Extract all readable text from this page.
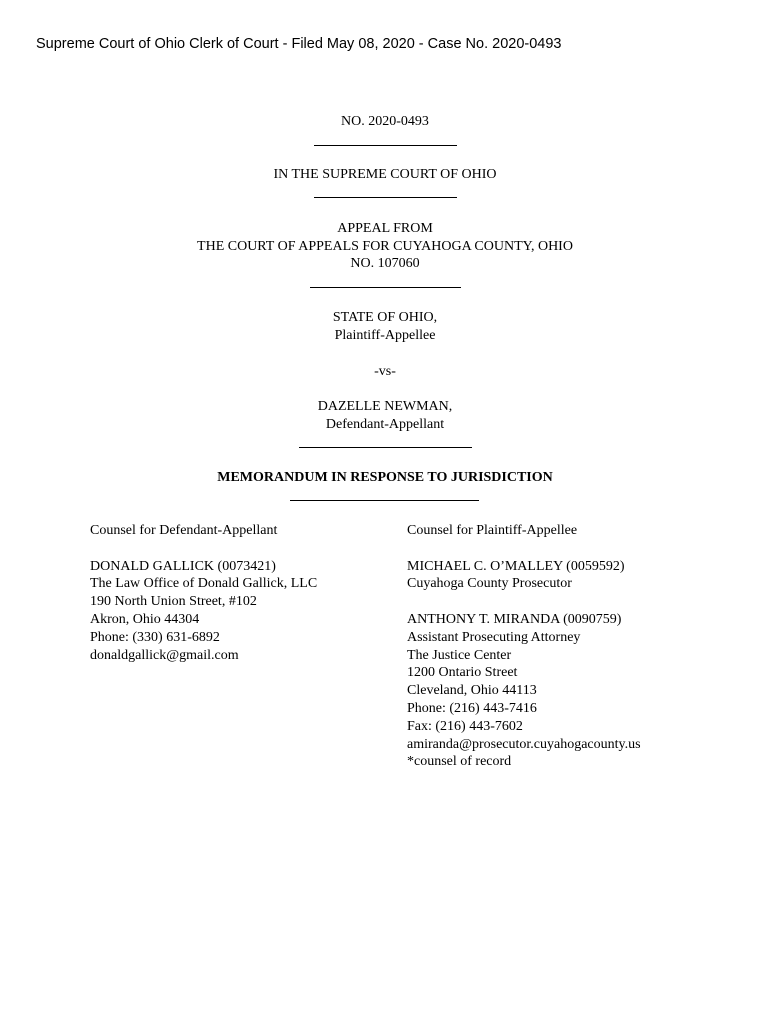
Supreme Court of Ohio Clerk of Court - Filed May 08, 2020 - Case No. 2020-0493
NO. 2020-0493
IN THE SUPREME COURT OF OHIO
APPEAL FROM
THE COURT OF APPEALS FOR CUYAHOGA COUNTY, OHIO
NO. 107060
STATE OF OHIO,
Plaintiff-Appellee
-vs-
DAZELLE NEWMAN,
Defendant-Appellant
MEMORANDUM IN RESPONSE TO JURISDICTION
Counsel for Defendant-Appellant
DONALD GALLICK (0073421)
The Law Office of Donald Gallick, LLC
190 North Union Street, #102
Akron, Ohio 44304
Phone: (330) 631-6892
donaldgallick@gmail.com
Counsel for Plaintiff-Appellee
MICHAEL C. O’MALLEY (0059592)
Cuyahoga County Prosecutor
ANTHONY T. MIRANDA (0090759)
Assistant Prosecuting Attorney
The Justice Center
1200 Ontario Street
Cleveland, Ohio 44113
Phone: (216) 443-7416
Fax: (216) 443-7602
amiranda@prosecutor.cuyahogacounty.us
*counsel of record
